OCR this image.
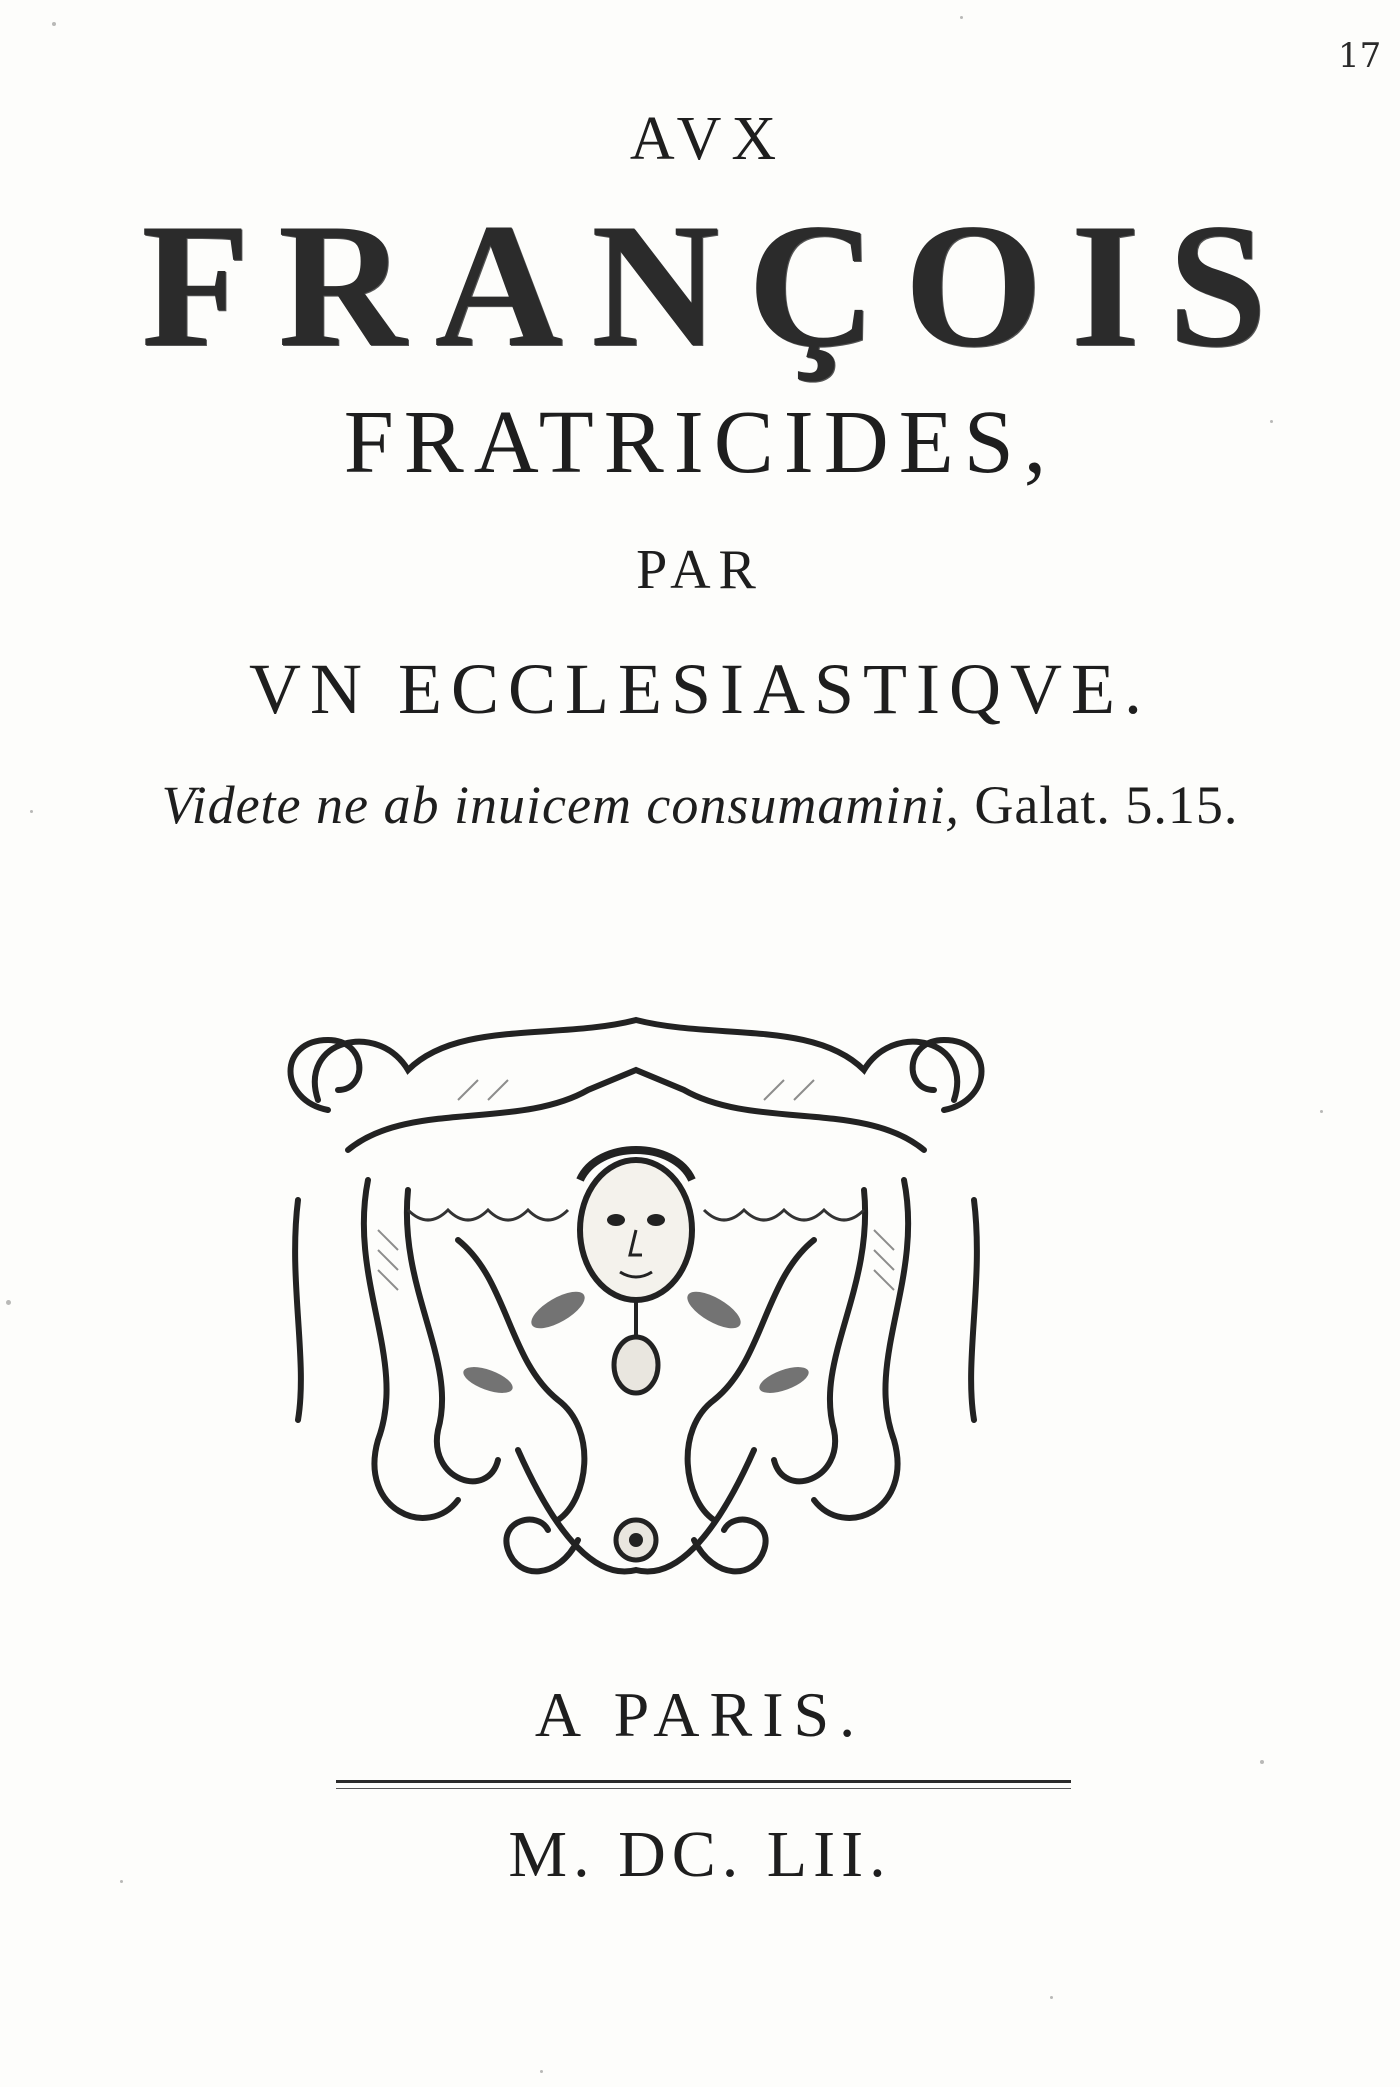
17
AVX
FRANÇOIS
FRATRICIDES,
PAR
VN ECCLESIASTIQVE.
Videte ne ab inuicem consumamini, Galat. 5.15.
A PARIS.
M. DC. LII.
